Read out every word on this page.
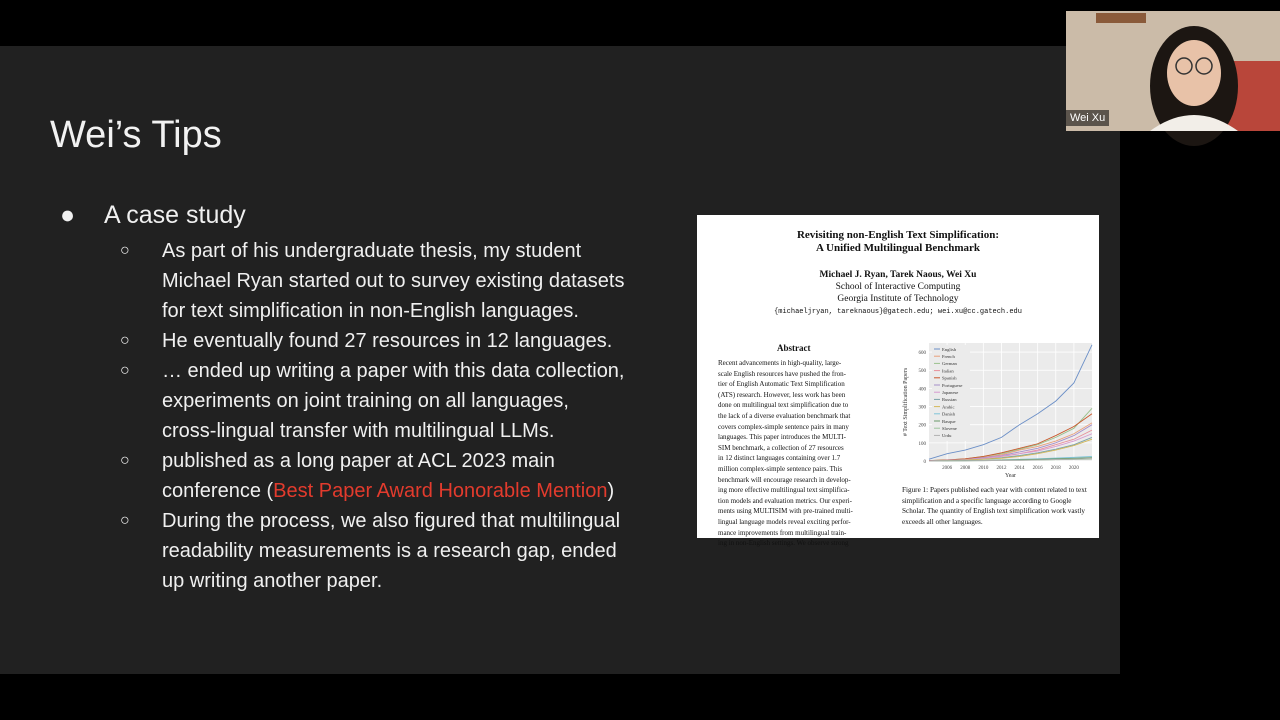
Wei’s Tips
● A case study
○ As part of his undergraduate thesis, my student
Michael Ryan started out to survey existing datasets
for text simplification in non-English languages.
○ He eventually found 27 resources in 12 languages.
○ … ended up writing a paper with this data collection,
experiments on joint training on all languages,
cross-lingual transfer with multilingual LLMs.
○ published as a long paper at ACL 2023 main
conference (Best Paper Award Honorable Mention)
○ During the process, we also figured that multilingual
readability measurements is a research gap, ended
up writing another paper.
Revisiting non-English Text Simplification:
A Unified Multilingual Benchmark
Michael J. Ryan, Tarek Naous, Wei Xu
School of Interactive Computing
Georgia Institute of Technology
{michaeljryan, tareknaous}@gatech.edu; wei.xu@cc.gatech.edu
Abstract
Recent advancements in high-quality, large-
scale English resources have pushed the fron-
tier of English Automatic Text Simplification
(ATS) research. However, less work has been
done on multilingual text simplification due to
the lack of a diverse evaluation benchmark that
covers complex-simple sentence pairs in many
languages. This paper introduces the MULTI-
SIM benchmark, a collection of 27 resources
in 12 distinct languages containing over 1.7
million complex-simple sentence pairs. This
benchmark will encourage research in develop-
ing more effective multilingual text simplifica-
tion models and evaluation metrics. Our experi-
ments using MULTISIM with pre-trained multi-
lingual language models reveal exciting perfor-
mance improvements from multilingual train-
ing in non-English settings. We observe strong
0
100
200
300
400
500
600
2006 2008 2010 2012 2014 2016 2018 2020
Year
# Text Simplification Papers
English
French
German
Italian
Spanish
Portuguese
Japanese
Russian
Arabic
Danish
Basque
Slovene
Urdu
Figure 1: Papers published each year with content related to text simplification and a specific language according to Google Scholar. The quantity of English text simplification work vastly exceeds all other languages.
Wei Xu
